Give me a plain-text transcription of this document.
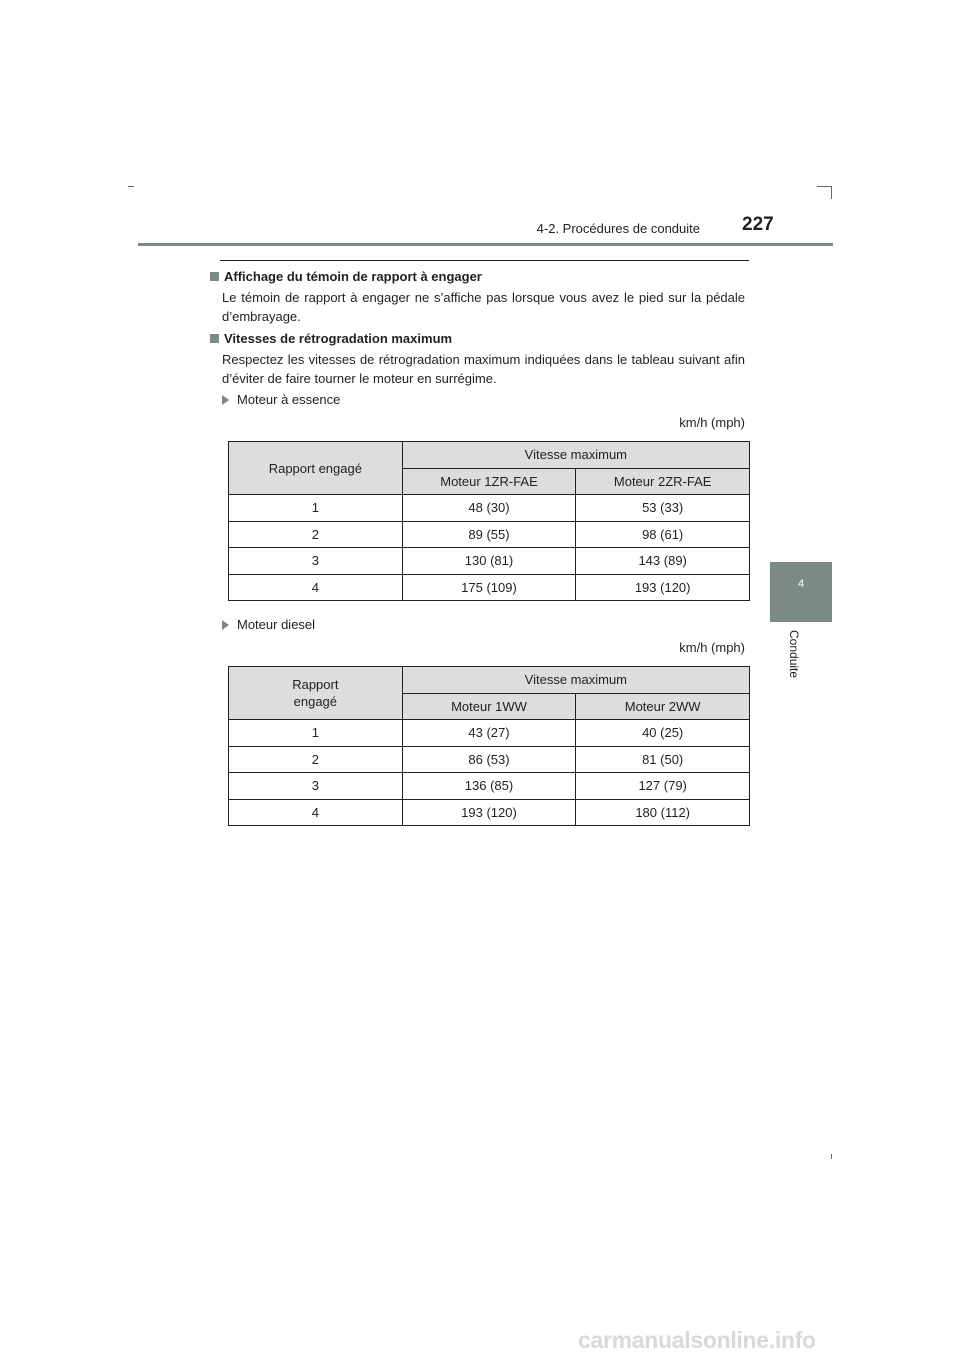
4-2. Procédures de conduite 227
4
Conduite
Affichage du témoin de rapport à engager
Le témoin de rapport à engager ne s’affiche pas lorsque vous avez le pied sur la pédale d’embrayage.
Vitesses de rétrogradation maximum
Respectez les vitesses de rétrogradation maximum indiquées dans le tableau suivant afin d’éviter de faire tourner le moteur en surrégime.
Moteur à essence
km/h (mph)
Rapport engagé	Vitesse maximum	
	Moteur 1ZR-FAE	Moteur 2ZR-FAE
1	48 (30)	53 (33)
2	89 (55)	98 (61)
3	130 (81)	143 (89)
4	175 (109)	193 (120)
Moteur diesel
km/h (mph)
Rapport
engagé	Vitesse maximum	
	Moteur 1WW	Moteur 2WW
1	43 (27)	40 (25)
2	86 (53)	81 (50)
3	136 (85)	127 (79)
4	193 (120)	180 (112)
carmanualsonline.info
